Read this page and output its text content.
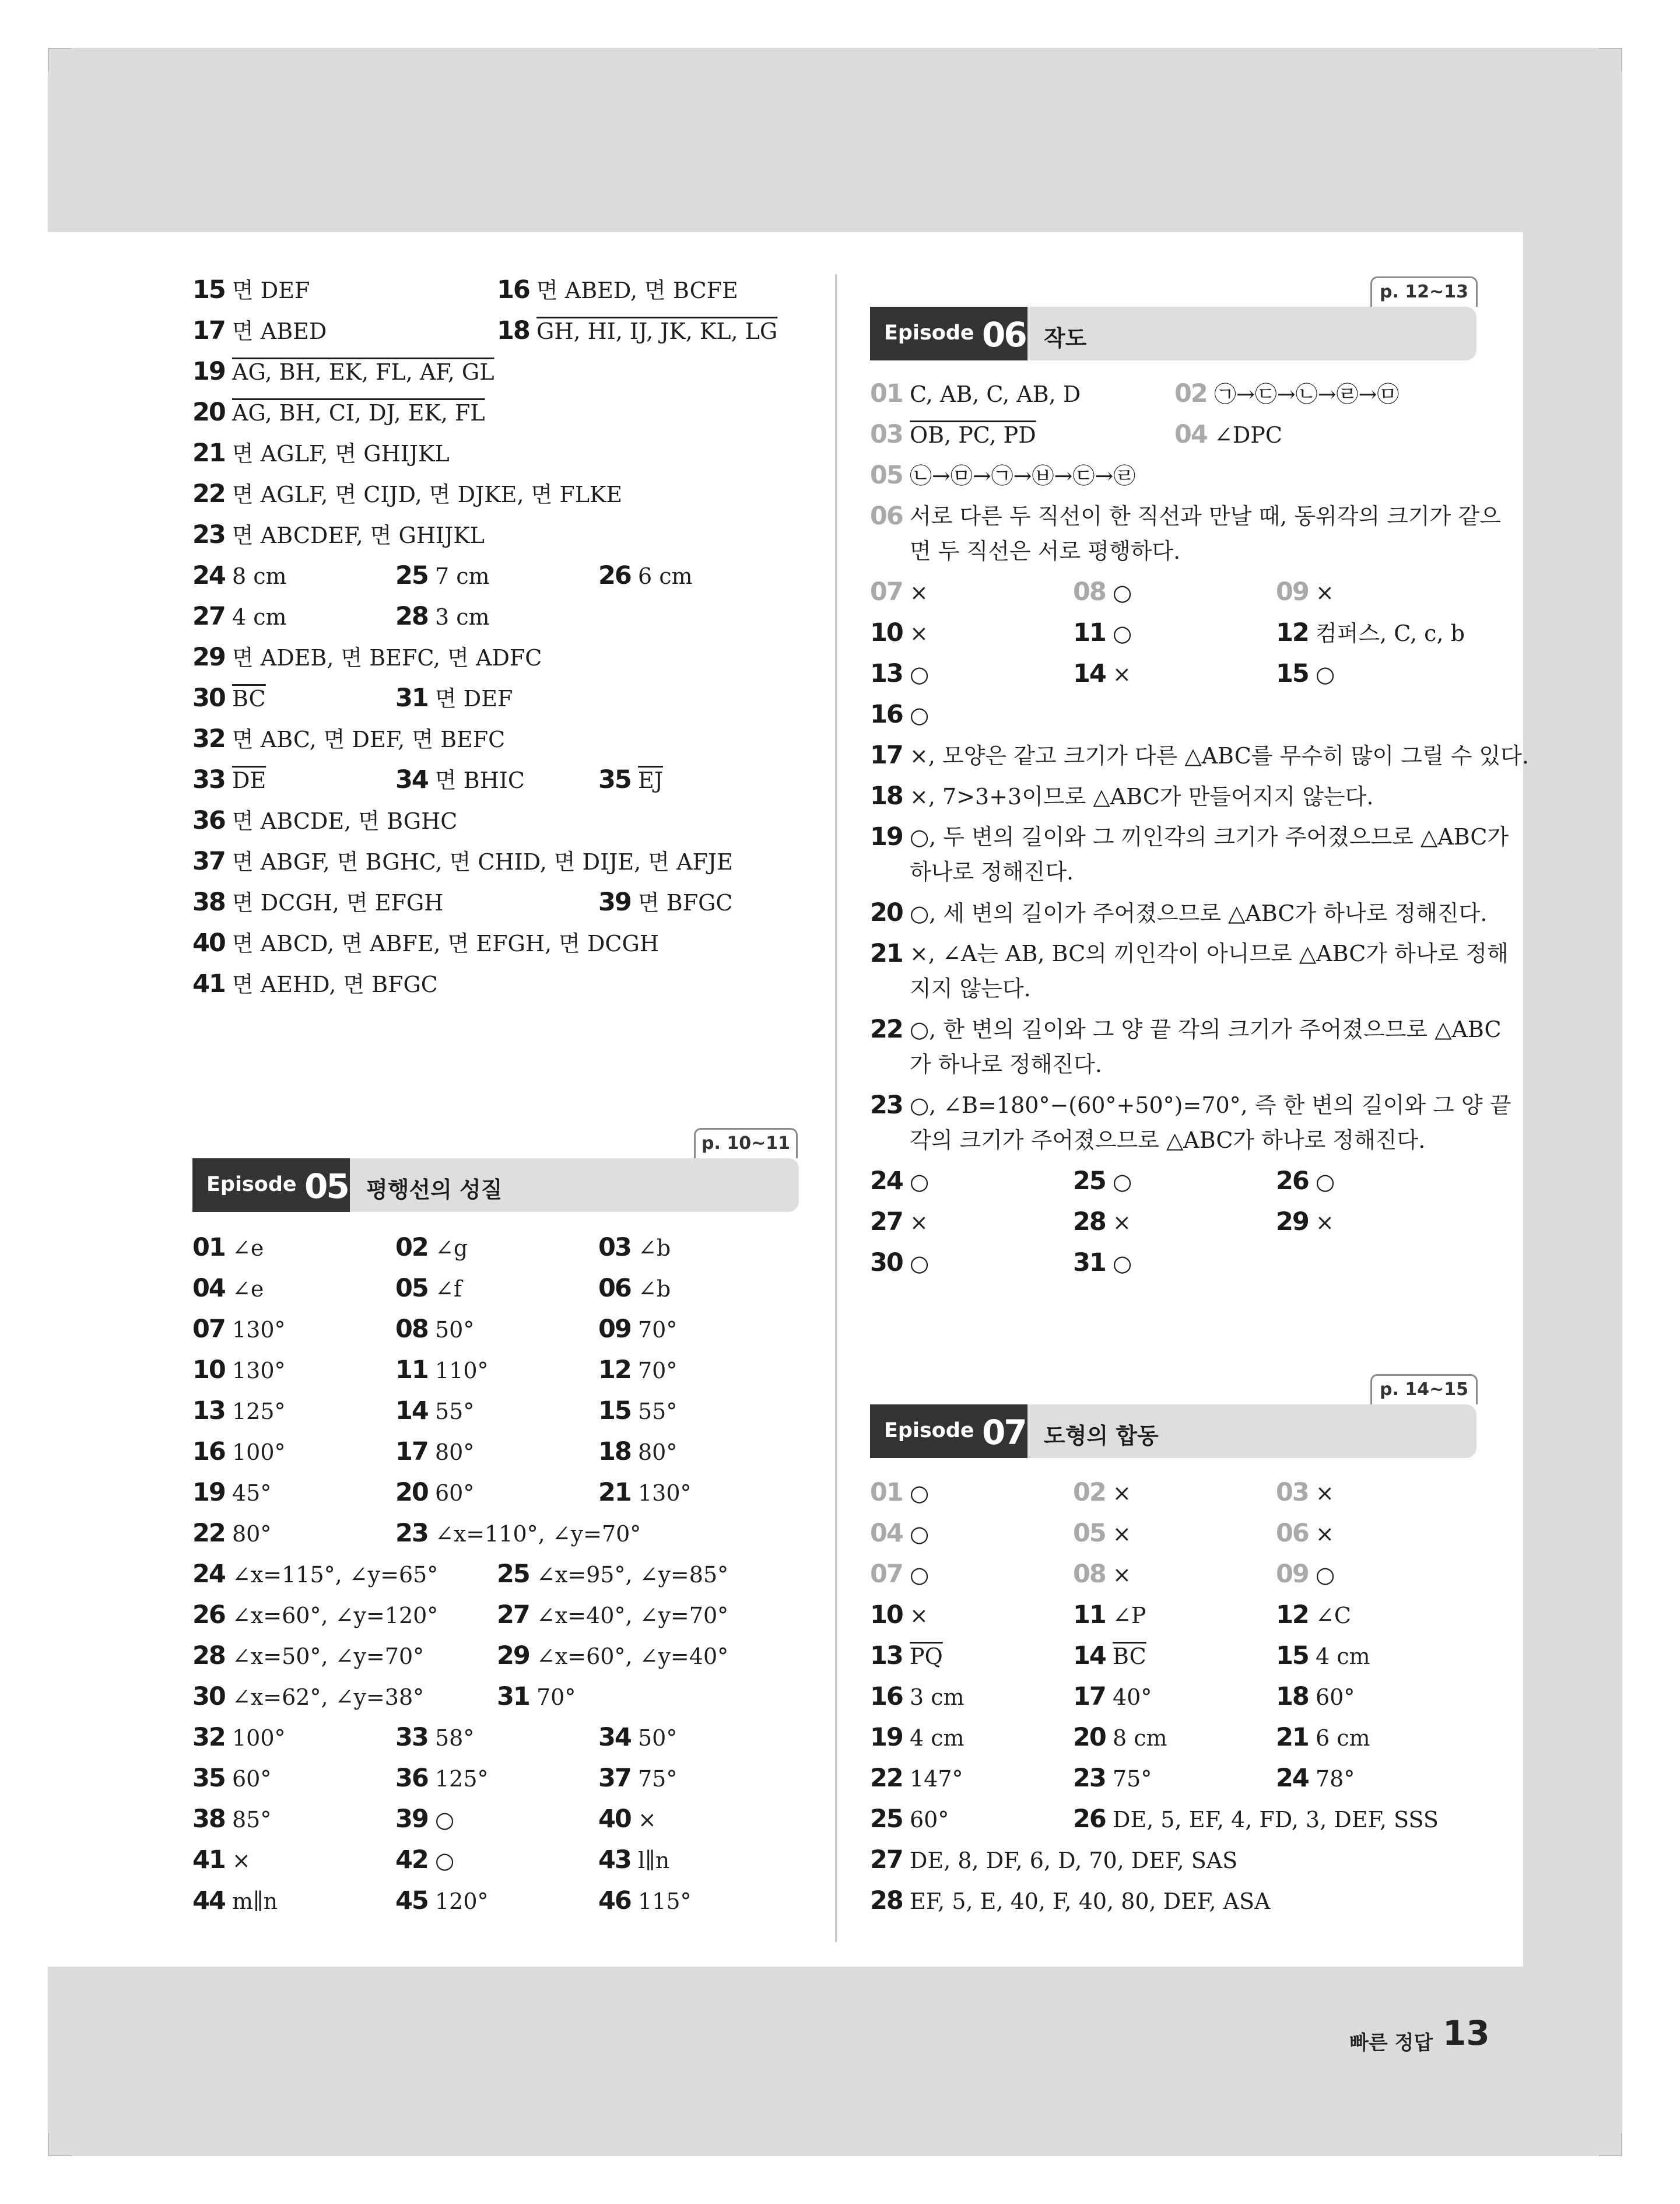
15 면 DEF	16 면 ABED, 면 BCFE
17 면 ABED	18 GH, HI, IJ, JK, KL, LG
19 AG, BH, EK, FL, AF, GL
20 AG, BH, CI, DJ, EK, FL
21 면 AGLF, 면 GHIJKL
22 면 AGLF, 면 CIJD, 면 DJKE, 면 FLKE
23 면 ABCDEF, 면 GHIJKL
24 8 cm	25 7 cm	26 6 cm
27 4 cm	28 3 cm
29 면 ADEB, 면 BEFC, 면 ADFC
30 $\overline{BC}$	31 면 DEF
32 면 ABC, 면 DEF, 면 BEFC
33 $\overline{DE}$	34 면 BHIC	35 $\overline{EJ}$
36 면 ABCDE, 면 BGHC
37 면 ABGF, 면 BGHC, 면 CHID, 면 DIJE, 면 AFJE
38 면 DCGH, 면 EFGH	39 면 BFGC
40 면 ABCD, 면 ABFE, 면 EFGH, 면 DCGH
41 면 AEHD, 면 BFGC
p. 10~11
Episode 05 평행선의 성질
01 ∠e	02 ∠g	03 ∠b
04 ∠e	05 ∠f	06 ∠b
07 130°	08 50°	09 70°
10 130°	11 110°	12 70°
13 125°	14 55°	15 55°
16 100°	17 80°	18 80°
19 45°	20 60°	21 130°
22 80°	23 ∠x=110°, ∠y=70°
24 ∠x=115°, ∠y=65° 25 ∠x=95°, ∠y=85°
26 ∠x=60°, ∠y=120° 27 ∠x=40°, ∠y=70°
28 ∠x=50°, ∠y=70°	29 ∠x=60°, ∠y=40°
30 ∠x=62°, ∠y=38°	31 70°
32 100°	33 58°	34 50°
35 60°	36 125°	37 75°
38 85°	39 ○	40 ×
41 ×	42 ○	43 l∥n
44 m∥n	45 120°	46 115°
p. 12~13
Episode 06 작도
01 C, AB, C, AB, D	02 ㉠→㉢→㉡→㉣→㉤
03 OB, PC, PD	04 ∠DPC
05 ㉡→㉤→㉠→㉥→㉢→㉣
06 서로 다른 두 직선이 한 직선과 만날 때, 동위각의 크기가 같으면 두 직선은 서로 평행하다.
07 ×	08 ○	09 ×
10 ×	11 ○	12 컴퍼스, C, c, b
13 ○	14 ×	15 ○
16 ○
17 ×, 모양은 같고 크기가 다른 △ABC를 무수히 많이 그릴 수 있다.
18 ×, 7>3+3이므로 △ABC가 만들어지지 않는다.
19 ○, 두 변의 길이와 그 끼인각의 크기가 주어졌으므로 △ABC가 하나로 정해진다.
20 ○, 세 변의 길이가 주어졌으므로 △ABC가 하나로 정해진다.
21 ×, ∠A는 AB, BC의 끼인각이 아니므로 △ABC가 하나로 정해지지 않는다.
22 ○, 한 변의 길이와 그 양 끝 각의 크기가 주어졌으므로 △ABC가 하나로 정해진다.
23 ○, ∠B=180°−(60°+50°)=70°, 즉 한 변의 길이와 그 양 끝 각의 크기가 주어졌으므로 △ABC가 하나로 정해진다.
24 ○	25 ○	26 ○
27 ×	28 ×	29 ×
30 ○	31 ○
p. 14~15
Episode 07 도형의 합동
01 ○	02 ×	03 ×
04 ○	05 ×	06 ×
07 ○	08 ×	09 ○
10 ×	11 ∠P	12 ∠C
13 $\overline{PQ}$	14 $\overline{BC}$	15 4 cm
16 3 cm	17 40°	18 60°
19 4 cm	20 8 cm	21 6 cm
22 147°	23 75°	24 78°
25 60°	26 DE, 5, EF, 4, FD, 3, DEF, SSS
27 DE, 8, DF, 6, D, 70, DEF, SAS
28 EF, 5, E, 40, F, 40, 80, DEF, ASA
빠른 정답 13
